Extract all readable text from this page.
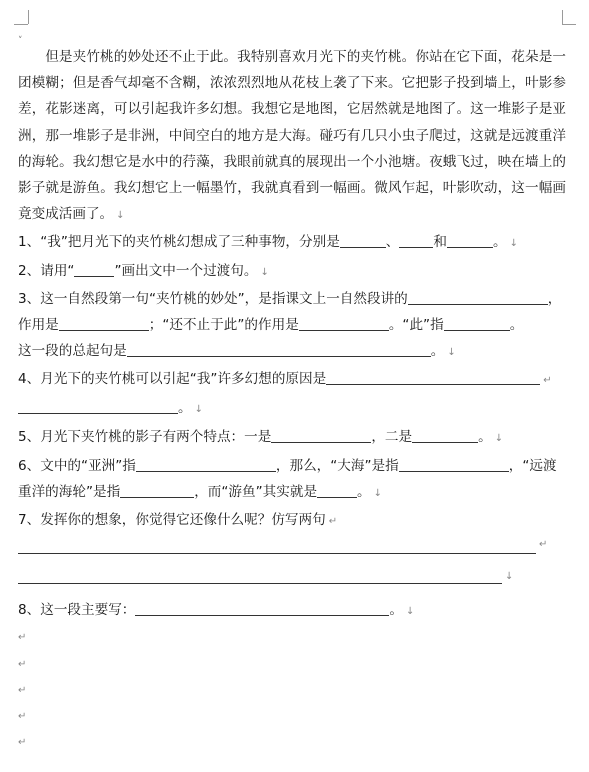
˅

但是夹竹桃的妙处还不止于此。我特别喜欢月光下的夹竹桃。你站在它下面，花朵是一团模糊；但是香气却毫不含糊，浓浓烈烈地从花枝上袭了下来。它把影子投到墙上，叶影参差，花影迷离，可以引起我许多幻想。我想它是地图，它居然就是地图了。这一堆影子是亚洲，那一堆影子是非洲，中间空白的地方是大海。碰巧有几只小虫子爬过，这就是远渡重洋的海轮。我幻想它是水中的荇藻，我眼前就真的展现出一个小池塘。夜蛾飞过，映在墙上的影子就是游鱼。我幻想它上一幅墨竹，我就真看到一幅画。微风乍起，叶影吹动，这一幅画竟变成活画了。 ↓

1、“我”把月光下的夹竹桃幻想成了三种事物，分别是	、	和	。 ↓

2、请用“	”画出文中一个过渡句。 ↓

3、这一自然段第一句“夹竹桃的妙处”，是指课文上一自然段讲的	，

作用是	；“还不止于此”的作用是	。“此”指	。

这一段的总起句是	。 ↓

4、月光下的夹竹桃可以引起“我”许多幻想的原因是	↵

。 ↓

5、月光下夹竹桃的影子有两个特点：一是	，二是	。 ↓

6、文中的“亚洲”指	，那么，“大海”是指	，“远渡

重洋的海轮”是指	，而“游鱼”其实就是	。 ↓

7、发挥你的想象，你觉得它还像什么呢？仿写两句 ↵

↵
↓

8、这一段主要写：	。 ↓

↵
↵
↵
↵
↵
